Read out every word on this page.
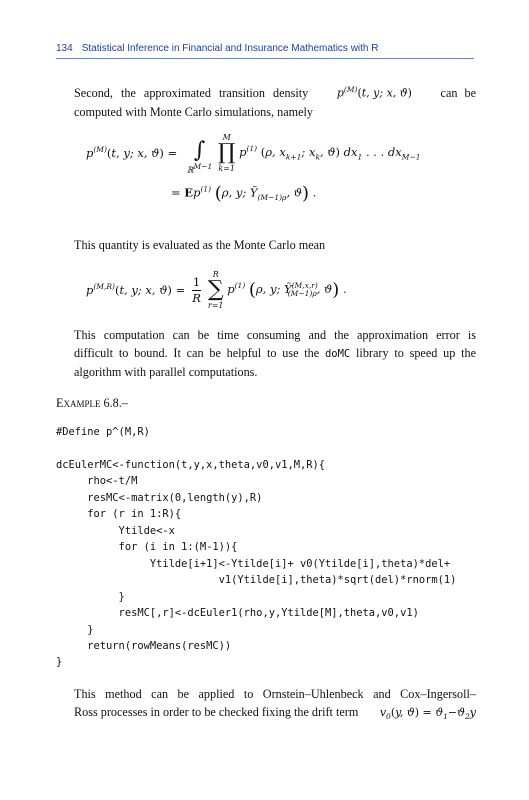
134 Statistical Inference in Financial and Insurance Mathematics with R
Second, the approximated transition density	$p^{(M)}(t$, y; x, ϑ) can be
computed with Monte Carlo simulations, namely
$p^{(M)}(t$, y; x, ϑ) =
∫
ℝ$^{M-1}$

M
∏
k=1
$p^{(1)}$ (ρ, $x_{k+1}$; $x_k$, ϑ) $dx_1$ . . . $dx_{M-1}$
= $Ep^{(1)}$ (ρ, y; Ỹ$_{(M-1)\rho}$, ϑ) .
This quantity is evaluated as the Monte Carlo mean
$p^{(M,R)}(t$, y; x, $ϑ) = \frac{1}{R}$
	R
∑
r=1
$p^{(1)}$ (ρ, y; Ỹ$^{(M,x,r)}_{(M-1)\rho}$, ϑ) .
This computation can be time consuming and the approximation error is
difficult to bound. It can be helpful to use the doMC library to speed up the
algorithm with parallel computations.
Example 6.8.–
#Define p^(M,R)
dcEulerMC<-function(t,y,x,theta,v0,v1,M,R){
rho<-t/M
resMC<-matrix(0,length(y),R)
for (r in 1:R){
Ytilde<-x
for (i in 1:(M-1)){
Ytilde[i+1]<-Ytilde[i]+ v0(Ytilde[i],theta)*del+
v1(Ytilde[i],theta)*sqrt(del)*rnorm(1)
}
resMC[,r]<-dcEuler1(rho,y,Ytilde[M],theta,v0,v1)
}
return(rowMeans(resMC))
}
This method can be applied to Ornstein–Uhlenbeck and Cox–Ingersoll–
Ross processes in order to be checked fixing the drift term $v_0(y$, $ϑ) = ϑ_1-ϑ_2y$
